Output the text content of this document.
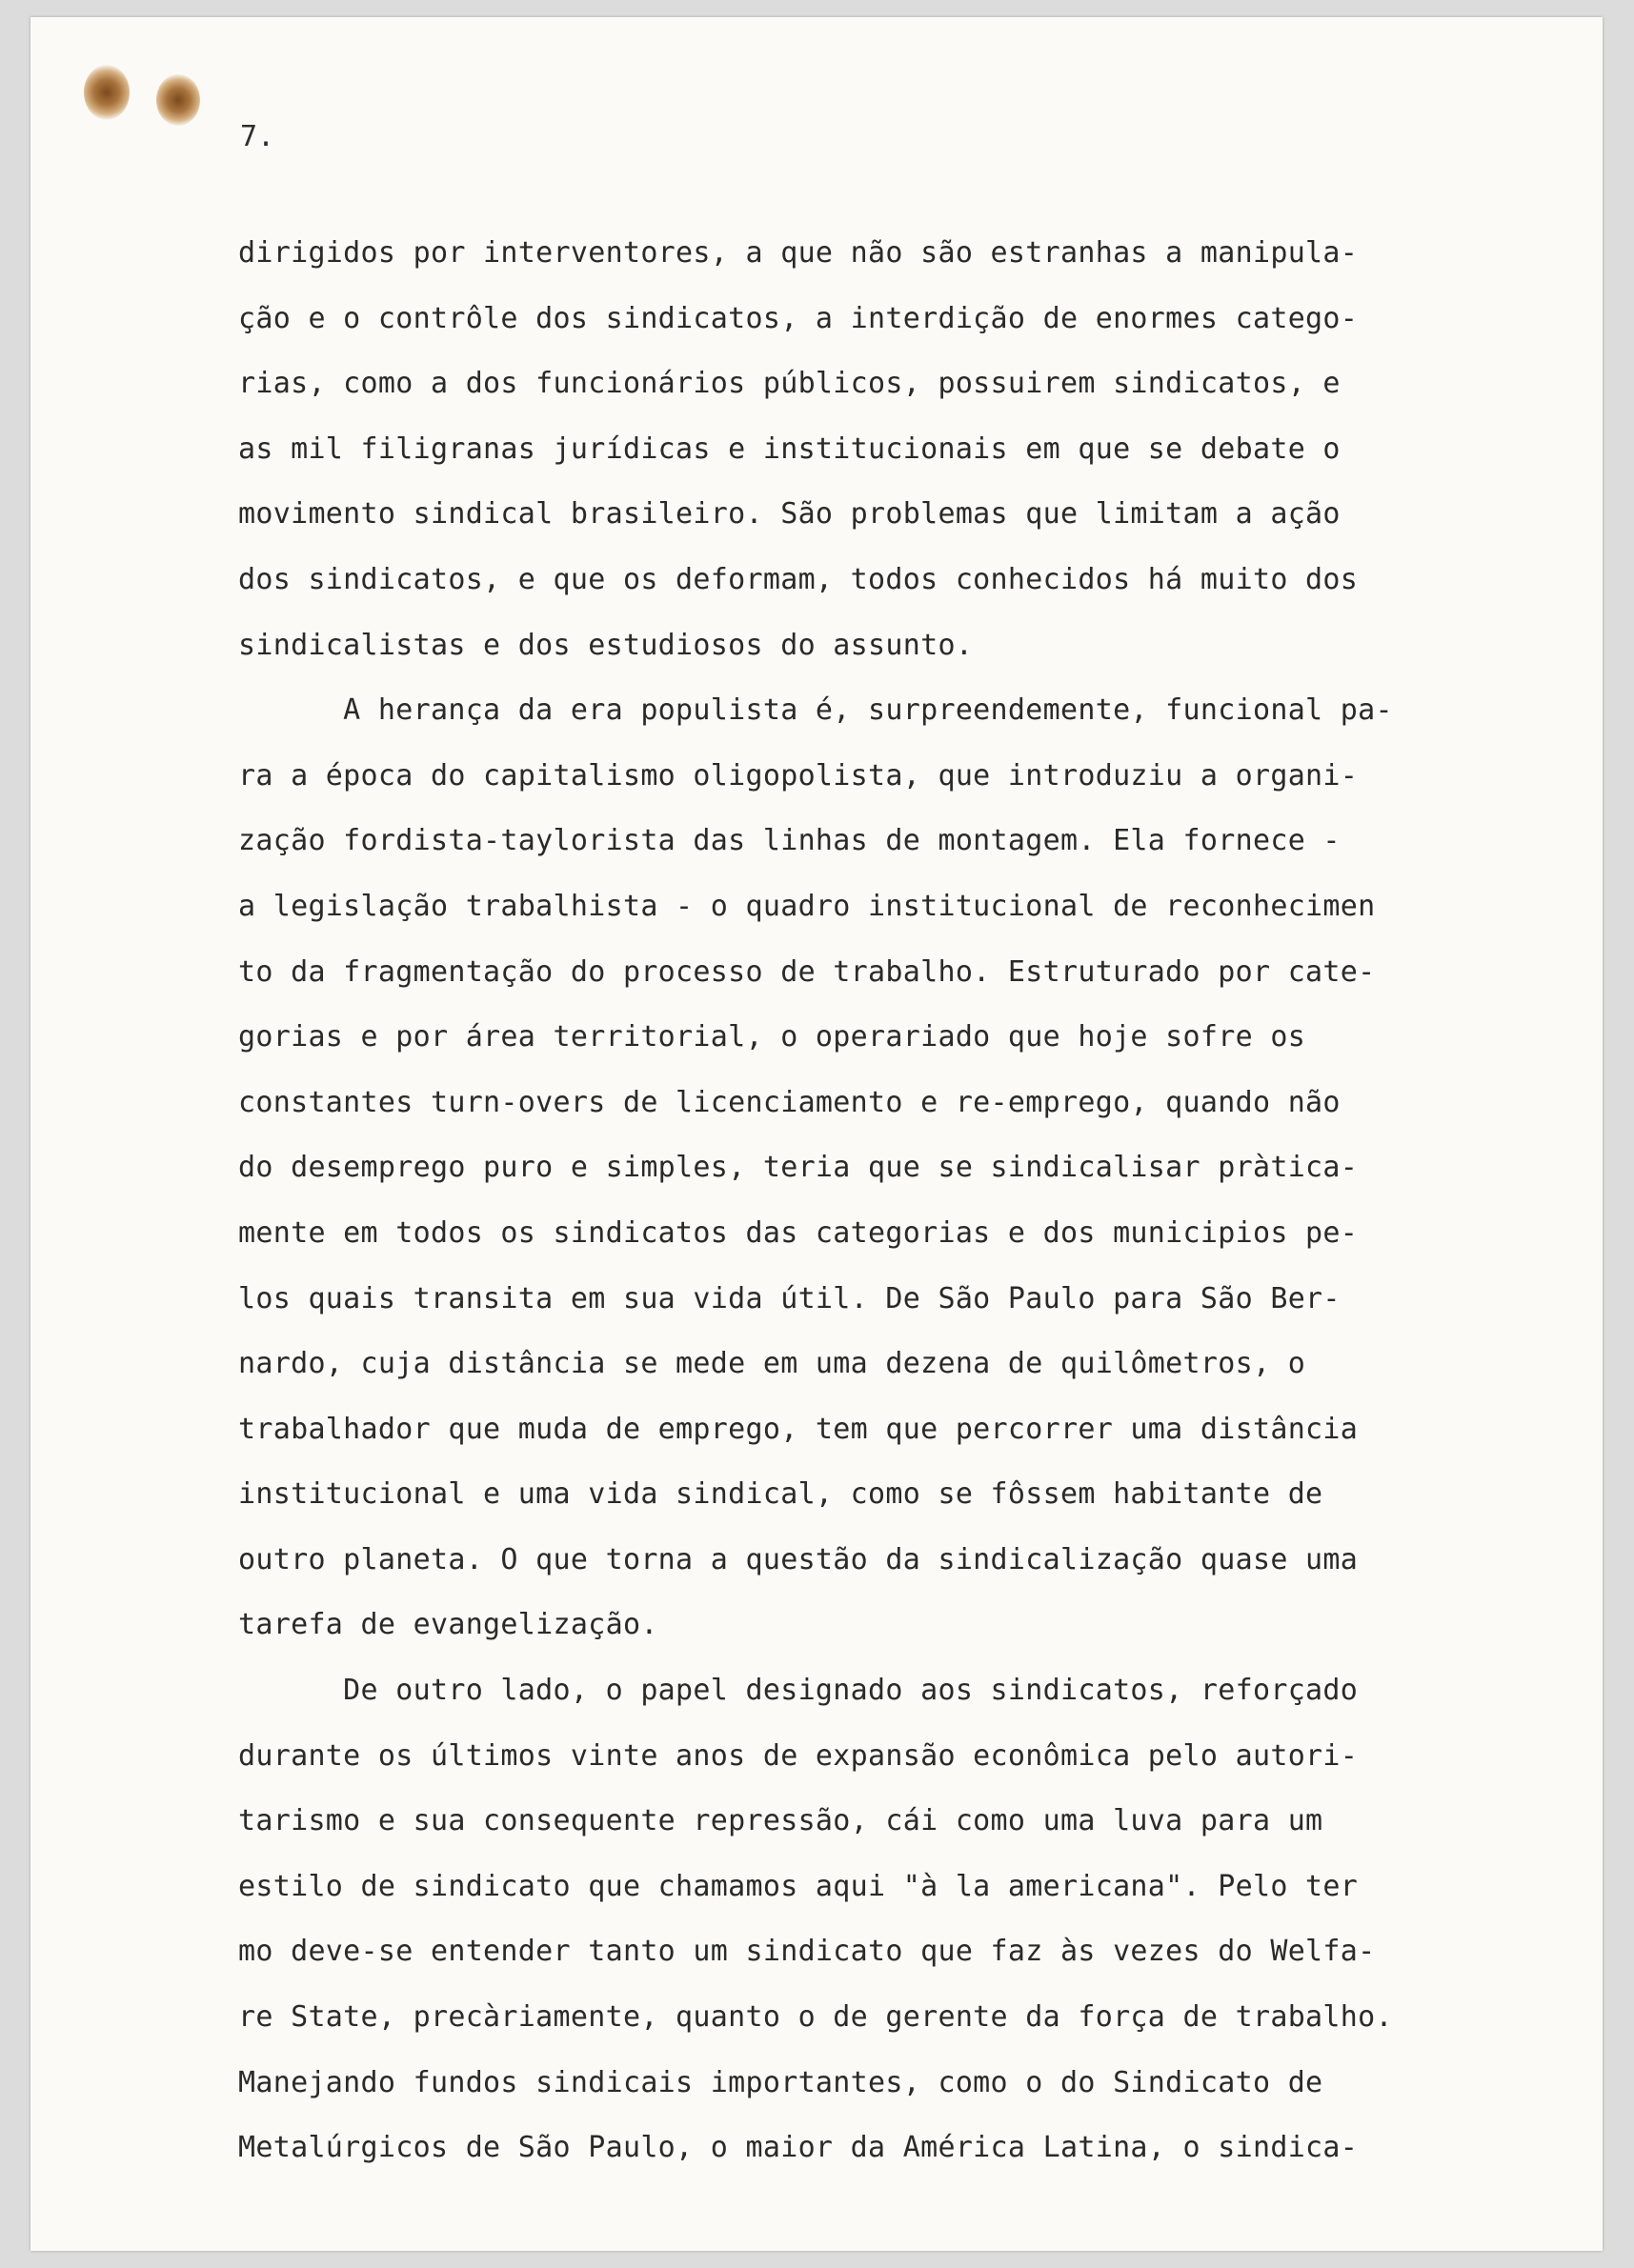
7.
dirigidos por interventores, a que não são estranhas a manipula-
ção e o contrôle dos sindicatos, a interdição de enormes catego-
rias, como a dos funcionários públicos, possuirem sindicatos, e
as mil filigranas jurídicas e institucionais em que se debate o
movimento sindical brasileiro. São problemas que limitam a ação
dos sindicatos, e que os deformam, todos conhecidos há muito dos
sindicalistas e dos estudiosos do assunto.
A herança da era populista é, surpreendemente, funcional pa-
ra a época do capitalismo oligopolista, que introduziu a organi-
zação fordista-taylorista das linhas de montagem. Ela fornece -
a legislação trabalhista - o quadro institucional de reconhecimen
to da fragmentação do processo de trabalho. Estruturado por cate-
gorias e por área territorial, o operariado que hoje sofre os
constantes turn-overs de licenciamento e re-emprego, quando não
do desemprego puro e simples, teria que se sindicalisar pràtica-
mente em todos os sindicatos das categorias e dos municipios pe-
los quais transita em sua vida útil. De São Paulo para São Ber-
nardo, cuja distância se mede em uma dezena de quilômetros, o
trabalhador que muda de emprego, tem que percorrer uma distância
institucional e uma vida sindical, como se fôssem habitante de
outro planeta. O que torna a questão da sindicalização quase uma
tarefa de evangelização.
De outro lado, o papel designado aos sindicatos, reforçado
durante os últimos vinte anos de expansão econômica pelo autori-
tarismo e sua consequente repressão, cái como uma luva para um
estilo de sindicato que chamamos aqui "à la americana". Pelo ter
mo deve-se entender tanto um sindicato que faz às vezes do Welfa-
re State, precàriamente, quanto o de gerente da força de trabalho.
Manejando fundos sindicais importantes, como o do Sindicato de
Metalúrgicos de São Paulo, o maior da América Latina, o sindica-
